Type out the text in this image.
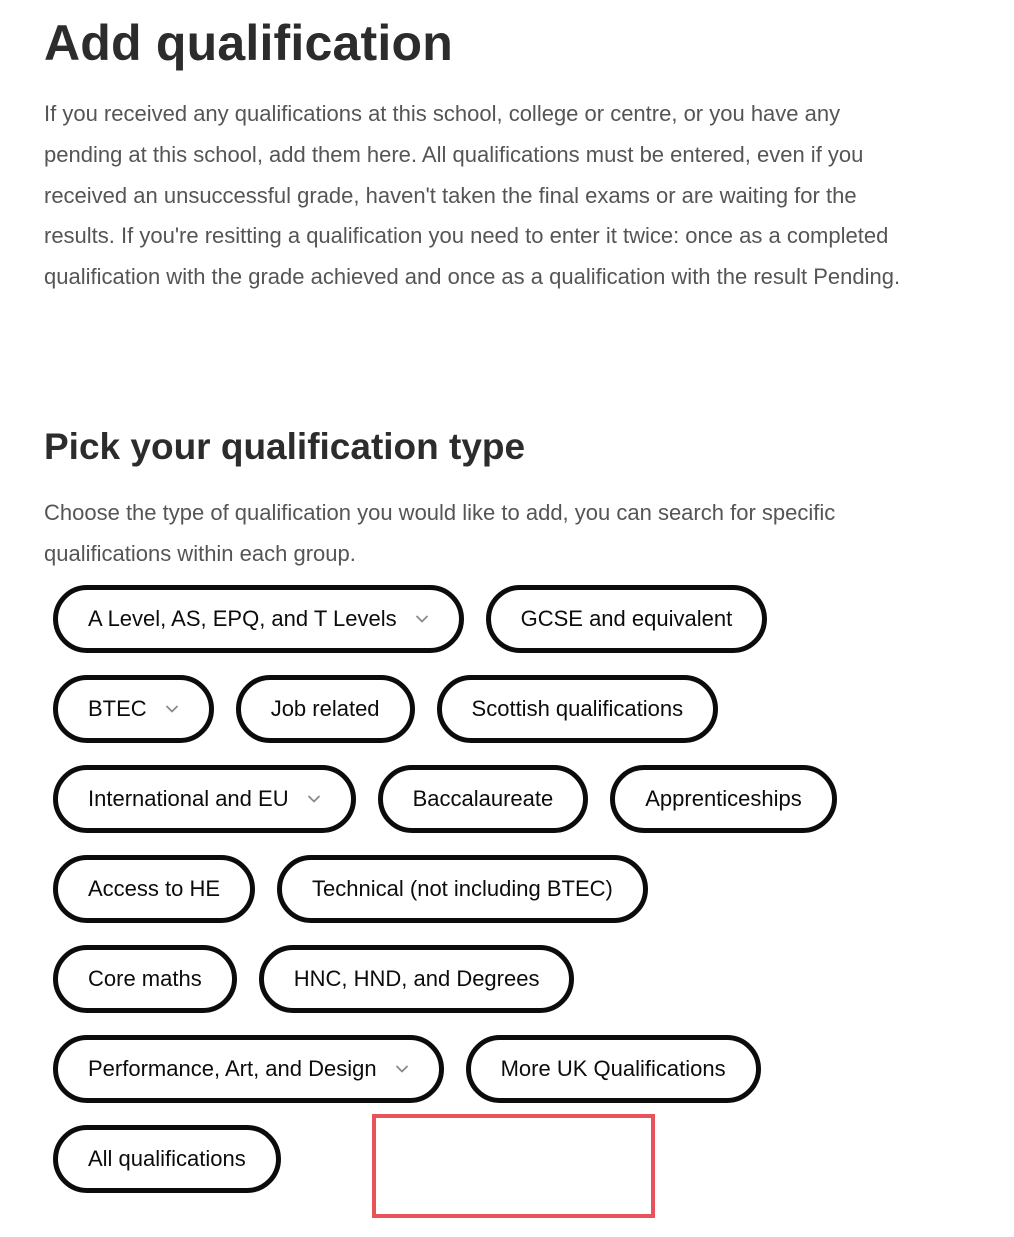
Add qualification

If you received any qualifications at this school, college or centre, or you have any pending at this school, add them here. All qualifications must be entered, even if you received an unsuccessful grade, haven't taken the final exams or are waiting for the results. If you're resitting a qualification you need to enter it twice: once as a completed qualification with the grade achieved and once as a qualification with the result Pending.

Pick your qualification type

Choose the type of qualification you would like to add, you can search for specific qualifications within each group.

A Level, AS, EPQ, and T Levels	GCSE and equivalent
BTEC	Job related	Scottish qualifications
International and EU	Baccalaureate	Apprenticeships
Access to HE	Technical (not including BTEC)
Core maths	HNC, HND, and Degrees
Performance, Art, and Design	More UK Qualifications
All qualifications
